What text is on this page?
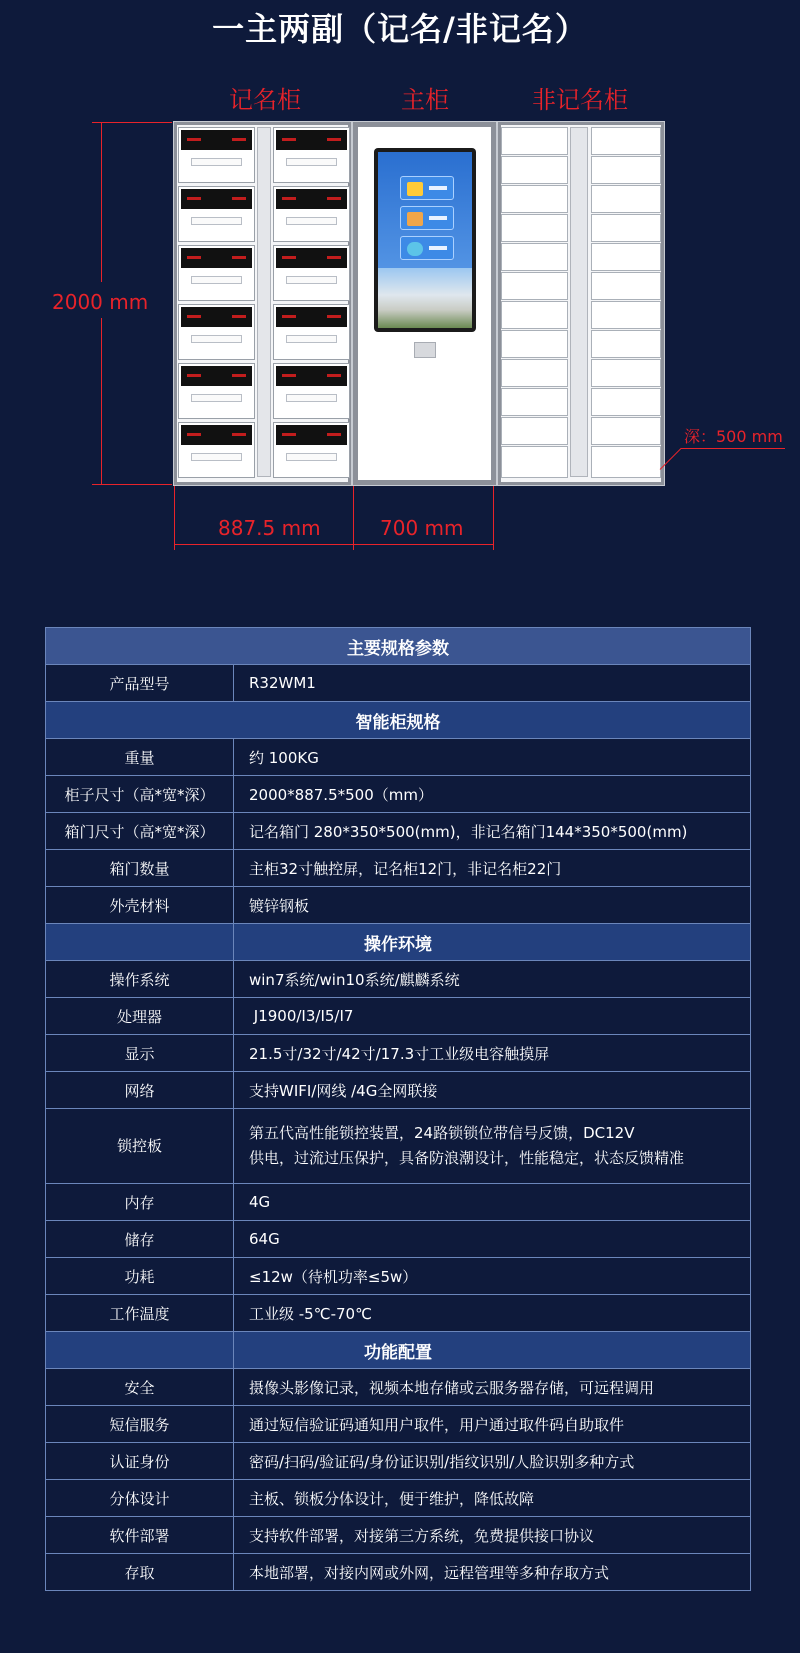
一主两副（记名/非记名）
记名柜	主柜	非记名柜
2000 mm
深：500 mm
887.5 mm	700 mm
主要规格参数	
产品型号	R32WM1
智能柜规格	
重量	约 100KG
柜子尺寸（高*宽*深）	2000*887.5*500（mm）
箱门尺寸（高*宽*深）	记名箱门 280*350*500(mm)，非记名箱门144*350*500(mm)
箱门数量	主柜32寸触控屏，记名柜12门，非记名柜22门
外壳材料	镀锌钢板
	操作环境
操作系统	win7系统/win10系统/麒麟系统
处理器	J1900/I3/I5/I7
显示	21.5寸/32寸/42寸/17.3寸工业级电容触摸屏
网络	支持WIFI/网线 /4G全网联接
锁控板	第五代高性能锁控装置，24路锁锁位带信号反馈，DC12V
供电，过流过压保护，具备防浪潮设计，性能稳定，状态反馈精准

内存	4G
储存	64G
功耗	≤12w（待机功率≤5w）
工作温度	工业级 -5℃-70℃
	功能配置
安全	摄像头影像记录，视频本地存储或云服务器存储，可远程调用
短信服务	通过短信验证码通知用户取件，用户通过取件码自助取件
认证身份	密码/扫码/验证码/身份证识别/指纹识别/人脸识别多种方式
分体设计	主板、锁板分体设计，便于维护，降低故障
软件部署	支持软件部署，对接第三方系统，免费提供接口协议
存取	本地部署，对接内网或外网，远程管理等多种存取方式
